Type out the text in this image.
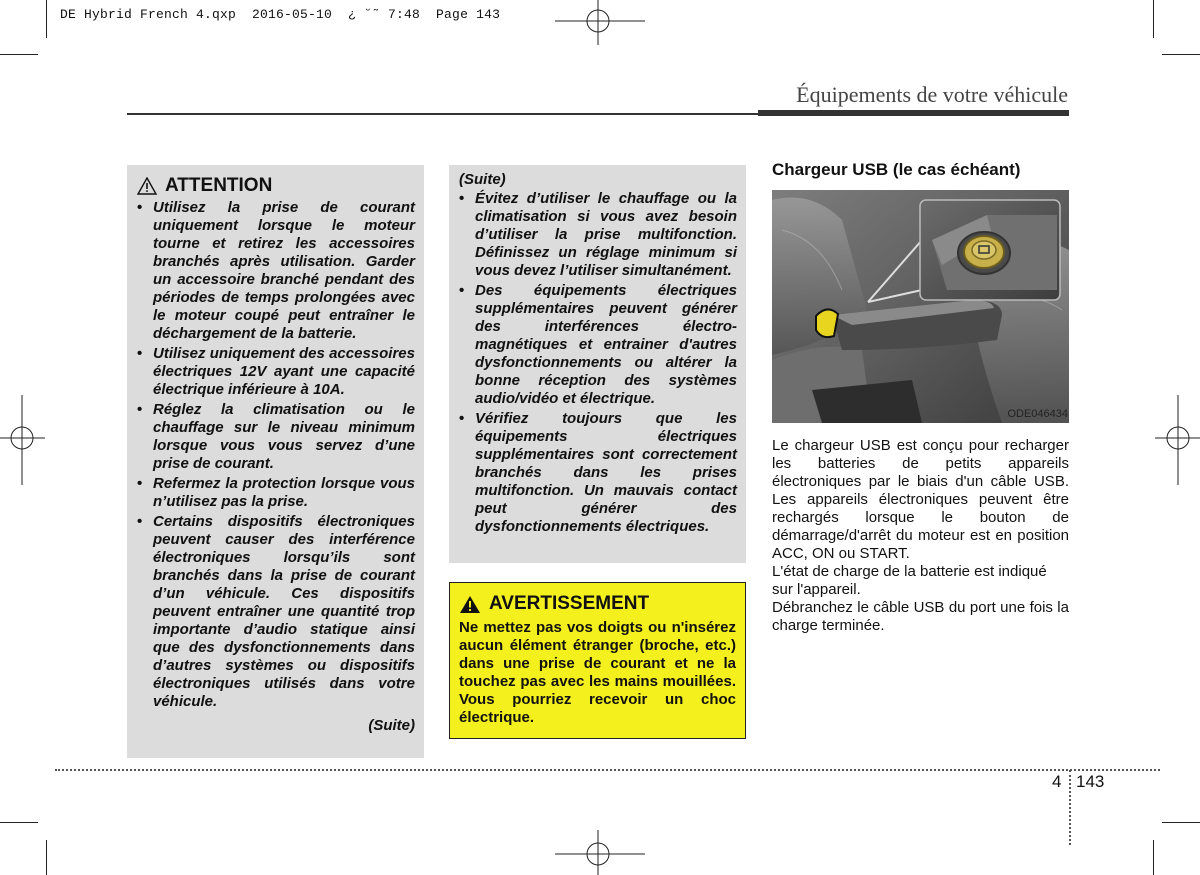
DE Hybrid French 4.qxp  2016-05-10  ¿ ˘˜ 7:48  Page 143
Équipements de votre véhicule
ATTENTION
• Utilisez la prise de courant uniquement lorsque le moteur tourne et retirez les accessoires branchés après utilisation. Garder un accessoire branché pendant des périodes de temps prolongées avec le moteur coupé peut entraîner le déchargement de la batterie.
• Utilisez uniquement des accessoires électriques 12V ayant une capacité électrique inférieure à 10A.
• Réglez la climatisation ou le chauffage sur le niveau minimum lorsque vous vous servez d’une prise de courant.
• Refermez la protection lorsque vous n’utilisez pas la prise.
• Certains dispositifs électroniques peuvent causer des interférence électroniques lorsqu’ils sont branchés dans la prise de courant d’un véhicule. Ces dispositifs peuvent entraîner une quantité trop importante d’audio statique ainsi que des dysfonctionnements dans d’autres systèmes ou dispositifs électroniques utilisés dans votre véhicule.
(Suite)
(Suite)
• Évitez d’utiliser le chauffage ou la climatisation si vous avez besoin d’utiliser la prise multifonction. Définissez un réglage minimum si vous devez l’utiliser simultanément.
• Des équipements électriques supplémentaires peuvent générer des interférences électro-magnétiques et entrainer d'autres dysfonctionnements ou altérer la bonne réception des systèmes audio/vidéo et électrique.
• Vérifiez toujours que les équipements électriques supplémentaires sont correctement branchés dans les prises multifonction. Un mauvais contact peut générer des dysfonctionnements électriques.
AVERTISSEMENT
Ne mettez pas vos doigts ou n'insérez aucun élément étranger (broche, etc.) dans une prise de courant et ne la touchez pas avec les mains mouillées. Vous pourriez recevoir un choc électrique.
Chargeur USB (le cas échéant)
ODE046434

Le chargeur USB est conçu pour recharger les batteries de petits appareils électroniques par le biais d'un câble USB. Les appareils électroniques peuvent être rechargés lorsque le bouton de démarrage/d'arrêt du moteur est en position ACC, ON ou START.

L'état de charge de la batterie est indiqué sur l'appareil.

Débranchez le câble USB du port une fois la charge terminée.

4 143
